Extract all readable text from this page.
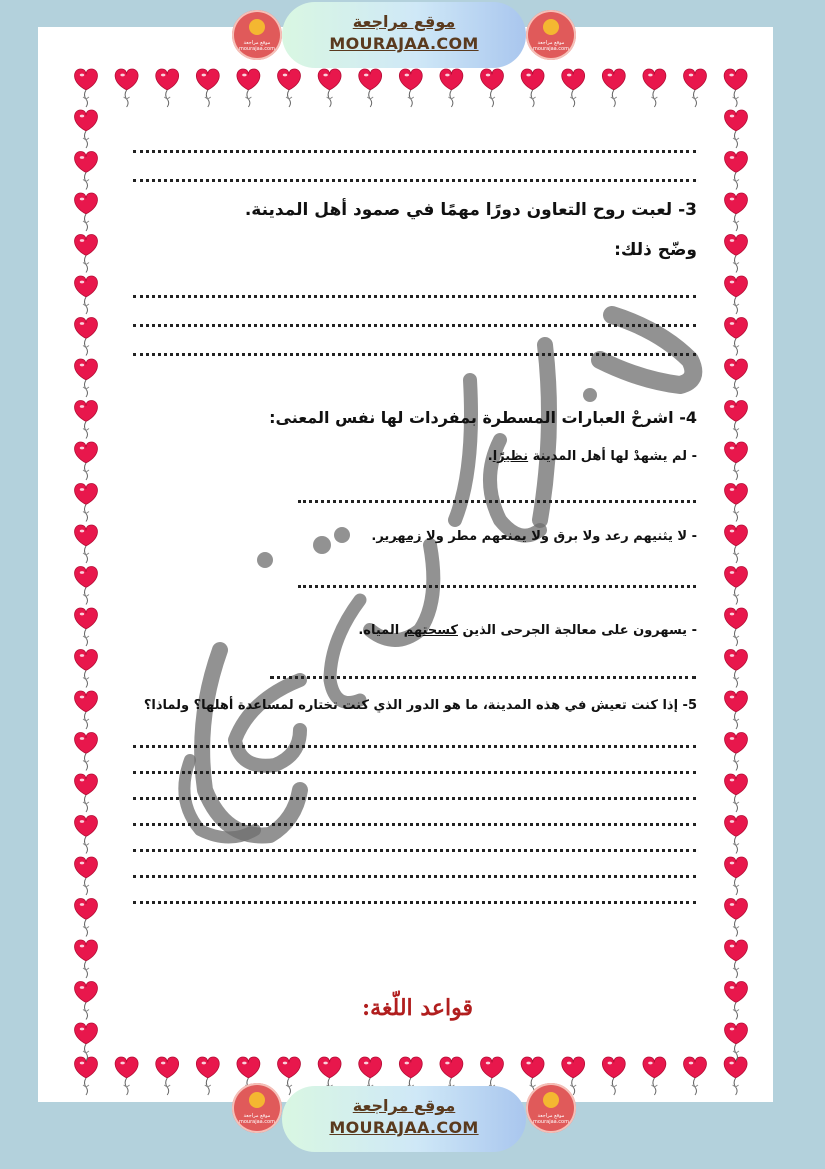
موقع مراجعة
MOURAJAA.COM
موقع مراجعة mourajaa.com
موقع مراجعة mourajaa.com
موقع مراجعة
MOURAJAA.COM
موقع مراجعة mourajaa.com
موقع مراجعة mourajaa.com
3- لعبت روح التعاون دورًا مهمًا في صمود أهل المدينة.
وضّح ذلك:
4- اشرحْ العبارات المسطرة بمفردات لها نفس المعنى:
- لم يشهدْ لها أهل المدينة نظيرًا.
- لا يثنيهم رعد ولا برق ولا يمنعهم مطر ولا زمهرير.
- يسهرون على معالجة الجرحى الذين كسحتهم المياه.
5- إذا كنت تعيش في هذه المدينة، ما هو الدور الذي كنت تختاره لمساعدة أهلها؟ ولماذا؟
قواعد اللّغة:
